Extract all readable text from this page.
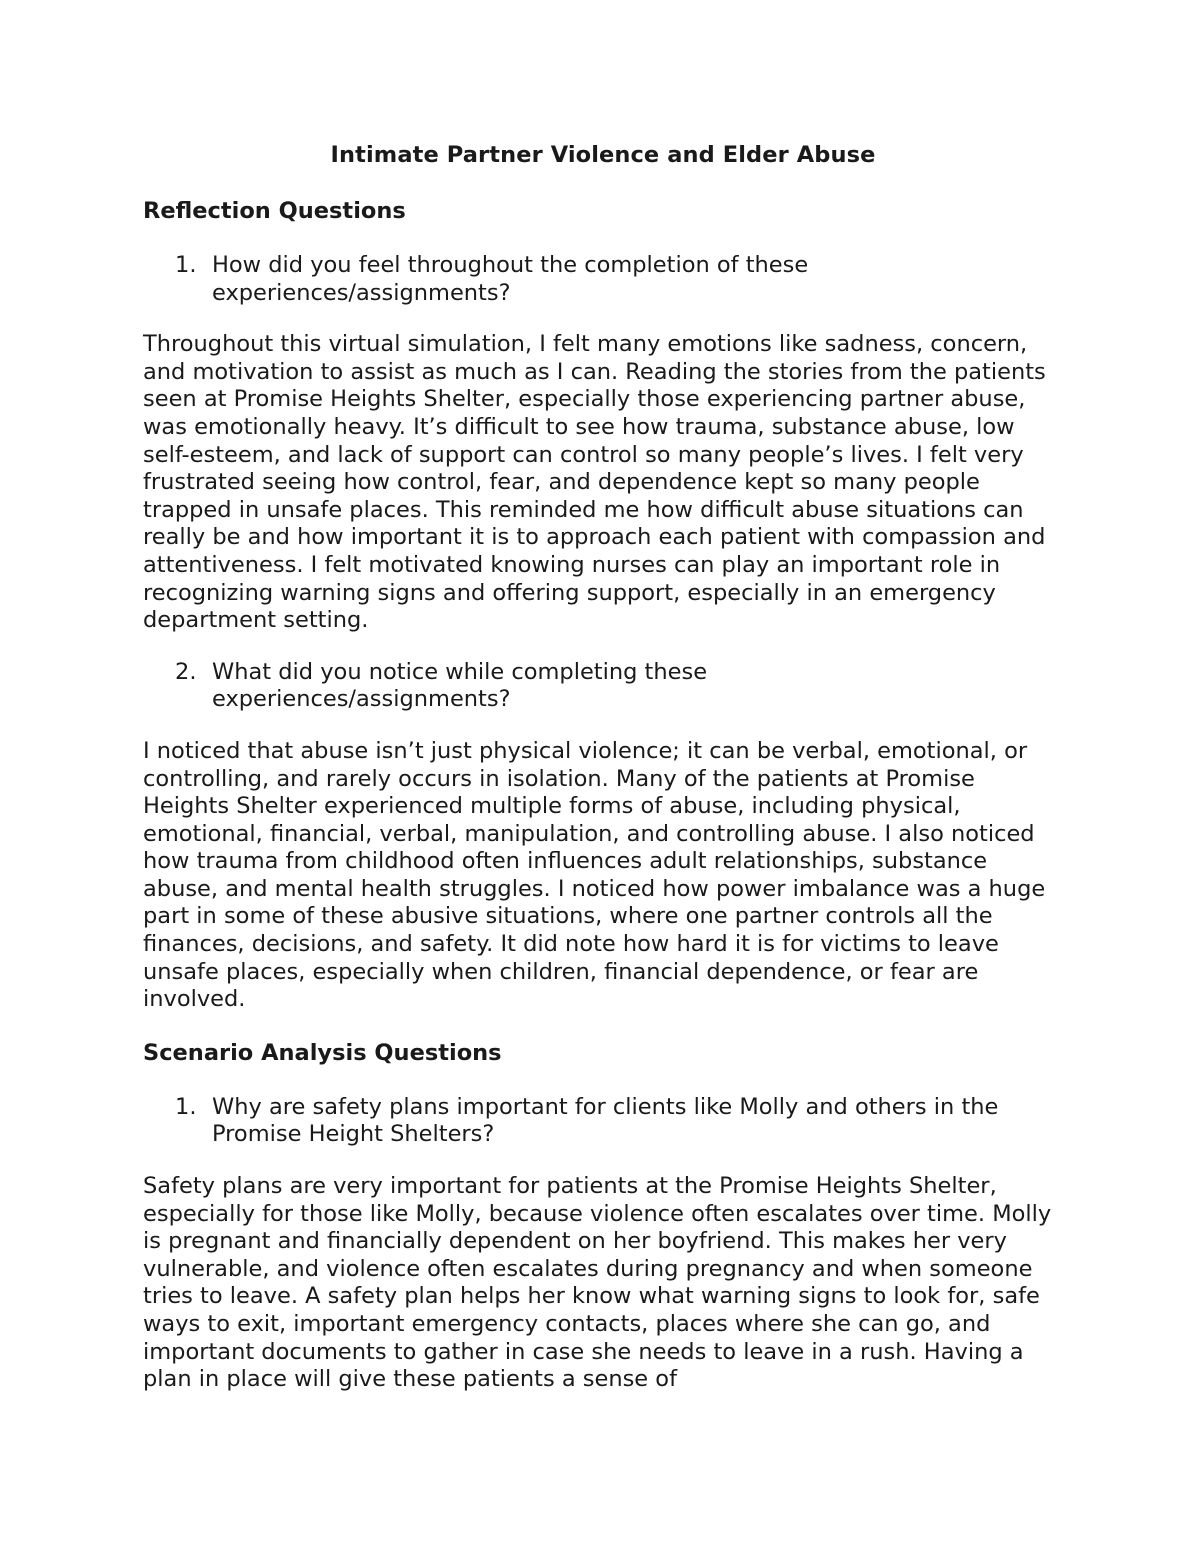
Intimate Partner Violence and Elder Abuse
Reflection Questions
1. How did you feel throughout the completion of these experiences/assignments?
Throughout this virtual simulation, I felt many emotions like sadness, concern, and motivation to assist as much as I can. Reading the stories from the patients seen at Promise Heights Shelter, especially those experiencing partner abuse, was emotionally heavy. It’s difficult to see how trauma, substance abuse, low self-esteem, and lack of support can control so many people’s lives. I felt very frustrated seeing how control, fear, and dependence kept so many people trapped in unsafe places. This reminded me how difficult abuse situations can really be and how important it is to approach each patient with compassion and attentiveness. I felt motivated knowing nurses can play an important role in recognizing warning signs and offering support, especially in an emergency department setting.
2. What did you notice while completing these experiences/assignments?
I noticed that abuse isn’t just physical violence; it can be verbal, emotional, or controlling, and rarely occurs in isolation. Many of the patients at Promise Heights Shelter experienced multiple forms of abuse, including physical, emotional, financial, verbal, manipulation, and controlling abuse. I also noticed how trauma from childhood often influences adult relationships, substance abuse, and mental health struggles. I noticed how power imbalance was a huge part in some of these abusive situations, where one partner controls all the finances, decisions, and safety. It did note how hard it is for victims to leave unsafe places, especially when children, financial dependence, or fear are involved.
Scenario Analysis Questions
1. Why are safety plans important for clients like Molly and others in the Promise Height Shelters?
Safety plans are very important for patients at the Promise Heights Shelter, especially for those like Molly, because violence often escalates over time. Molly is pregnant and financially dependent on her boyfriend. This makes her very vulnerable, and violence often escalates during pregnancy and when someone tries to leave. A safety plan helps her know what warning signs to look for, safe ways to exit, important emergency contacts, places where she can go, and important documents to gather in case she needs to leave in a rush. Having a plan in place will give these patients a sense of
